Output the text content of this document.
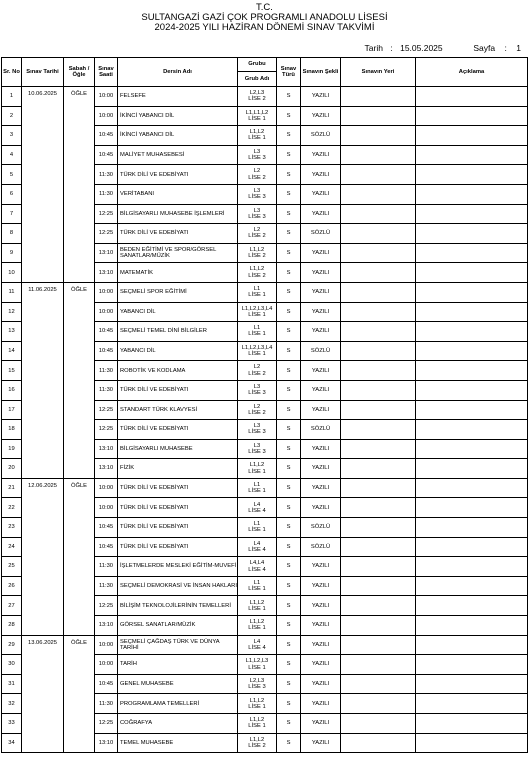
T.C.
SULTANGAZİ GAZİ ÇOK PROGRAMLI ANADOLU LİSESİ
2024-2025 YILI HAZİRAN DÖNEMİ SINAV TAKVİMİ
Tarih : 15.05.2025	Sayfa : 1
Sr. No	Sınav Tarihi	Sabah / Öğle	Sınav Saati	Dersin Adı	Grubu	Sınav Türü	Sınavın Şekli	Sınavın Yeri	Açıklama
					Grub Adı				
1	10.06.2025	ÖĞLE	10:00	FELSEFE	L2,L3
LİSE 2	S	YAZILI		
2			10:00	İKİNCİ YABANCI DİL	L1,L1,L2
LİSE 1	S	YAZILI		
3			10:45	İKİNCİ YABANCI DİL	L1,L2
LİSE 1	S	SÖZLÜ		
4			10:45	MALİYET MUHASEBESİ	L3
LİSE 3	S	YAZILI		
5			11:30	TÜRK DİLİ VE EDEBİYATI	L2
LİSE 2	S	YAZILI		
6			11:30	VERİTABANI	L3
LİSE 3	S	YAZILI		
7			12:25	BİLGİSAYARLI MUHASEBE İŞLEMLERİ	L3
LİSE 3	S	YAZILI		
8			12:25	TÜRK DİLİ VE EDEBİYATI	L2
LİSE 2	S	SÖZLÜ		
9			13:10	BEDEN EĞİTİMİ VE SPOR/GÖRSEL SANATLAR/MÜZİK	L1,L2
LİSE 2	S	YAZILI		
10			13:10	MATEMATİK	L1,L2
LİSE 2	S	YAZILI		
11	11.06.2025	ÖĞLE	10:00	SEÇMELİ SPOR EĞİTİMİ	L1
LİSE 1	S	YAZILI		
12			10:00	YABANCI DİL	L1,L2,L3,L4
LİSE 1	S	YAZILI		
13			10:45	SEÇMELİ TEMEL DİNİ BİLGİLER	L1
LİSE 1	S	YAZILI		
14			10:45	YABANCI DİL	L1,L2,L3,L4
LİSE 1	S	SÖZLÜ		
15			11:30	ROBOTİK VE KODLAMA	L2
LİSE 2	S	YAZILI		
16			11:30	TÜRK DİLİ VE EDEBİYATI	L3
LİSE 3	S	YAZILI		
17			12:25	STANDART TÜRK KLAVYESİ	L2
LİSE 2	S	YAZILI		
18			12:25	TÜRK DİLİ VE EDEBİYATI	L3
LİSE 3	S	SÖZLÜ		
19			13:10	BİLGİSAYARLI MUHASEBE	L3
LİSE 3	S	YAZILI		
20			13:10	FİZİK	L1,L2
LİSE 1	S	YAZILI		
21	12.06.2025	ÖĞLE	10:00	TÜRK DİLİ VE EDEBİYATI	L1
LİSE 1	S	YAZILI		
22			10:00	TÜRK DİLİ VE EDEBİYATI	L4
LİSE 4	S	YAZILI		
23			10:45	TÜRK DİLİ VE EDEBİYATI	L1
LİSE 1	S	SÖZLÜ		
24			10:45	TÜRK DİLİ VE EDEBİYATI	L4
LİSE 4	S	SÖZLÜ		
25			11:30	İŞLETMELERDE MESLEKİ EĞİTİM-MUVEFİ	L4,L4
LİSE 4	S	YAZILI		
26			11:30	SEÇMELİ DEMOKRASİ VE İNSAN HAKLARI	L1
LİSE 1	S	YAZILI		
27			12:25	BİLİŞİM TEKNOLOJİLERİNİN TEMELLERİ	L1,L2
LİSE 1	S	YAZILI		
28			13:10	GÖRSEL SANATLAR/MÜZİK	L1,L2
LİSE 1	S	YAZILI		
29	13.06.2025	ÖĞLE	10:00	SEÇMELİ ÇAĞDAŞ TÜRK VE DÜNYA TARİHİ	L4
LİSE 4	S	YAZILI		
30			10:00	TARİH	L1,L2,L3
LİSE 1	S	YAZILI		
31			10:45	GENEL MUHASEBE	L2,L3
LİSE 3	S	YAZILI		
32			11:30	PROGRAMLAMA TEMELLERİ	L1,L2
LİSE 1	S	YAZILI		
33			12:25	COĞRAFYA	L1,L2
LİSE 1	S	YAZILI		
34			13:10	TEMEL MUHASEBE	L1,L2
LİSE 2	S	YAZILI		
